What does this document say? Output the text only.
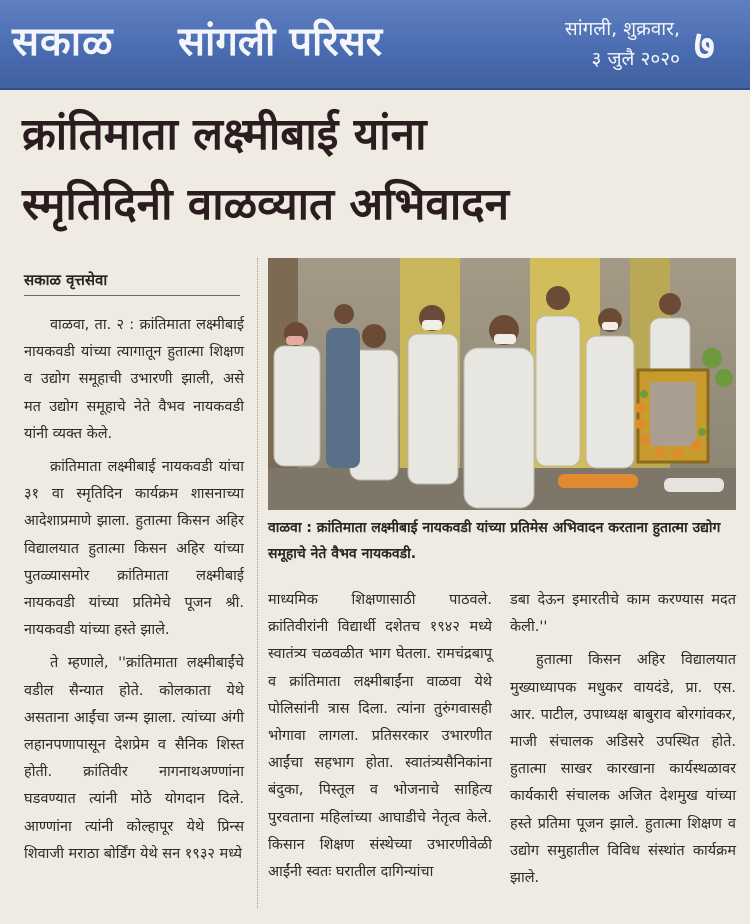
सकाळ सांगली परिसर	सांगली, शुक्रवार,
३ जुलै २०२० ७
क्रांतिमाता लक्ष्मीबाई यांना
स्मृतिदिनी वाळव्यात अभिवादन
सकाळ वृत्तसेवा

वाळवा, ता. २ : क्रांतिमाता लक्ष्मीबाई नायकवडी यांच्या त्यागातून हुतात्मा शिक्षण व उद्योग समूहाची उभारणी झाली, असे मत उद्योग समूहाचे नेते वैभव नायकवडी यांनी व्यक्त केले.

क्रांतिमाता लक्ष्मीबाई नायकवडी यांचा ३१ वा स्मृतिदिन कार्यक्रम शासनाच्या आदेशाप्रमाणे झाला. हुतात्मा किसन अहिर विद्यालयात हुतात्मा किसन अहिर यांच्या पुतळ्यासमोर क्रांतिमाता लक्ष्मीबाई नायकवडी यांच्या प्रतिमेचे पूजन श्री. नायकवडी यांच्या हस्ते झाले.

ते म्हणाले, ''क्रांतिमाता लक्ष्मीबाईंचे वडील सैन्यात होते. कोलकाता येथे असताना आईंचा जन्म झाला. त्यांच्या अंगी लहानपणापासून देशप्रेम व सैनिक शिस्त होती. क्रांतिवीर नागनाथअण्णांना घडवण्यात त्यांनी मोठे योगदान दिले. आण्णांना त्यांनी कोल्हापूर येथे प्रिन्स शिवाजी मराठा बोर्डिंग येथे सन १९३२ मध्ये

वाळवा : क्रांतिमाता लक्ष्मीबाई नायकवडी यांच्या प्रतिमेस अभिवादन करताना हुतात्मा उद्योग समूहाचे नेते वैभव नायकवडी.

माध्यमिक शिक्षणासाठी पाठवले. क्रांतिवीरांनी विद्यार्थी दशेतच १९४२ मध्ये स्वातंत्र्य चळवळीत भाग घेतला. रामचंद्रबापू व क्रांतिमाता लक्ष्मीबाईंना वाळवा येथे पोलिसांनी त्रास दिला. त्यांना तुरुंगवासही भोगावा लागला. प्रतिसरकार उभारणीत आईंचा सहभाग होता. स्वातंत्र्यसैनिकांना बंदुका, पिस्तूल व भोजनाचे साहित्य पुरवताना महिलांच्या आघाडीचे नेतृत्व केले. किसान शिक्षण संस्थेच्या उभारणीवेळी आईंनी स्वतः घरातील दागिन्यांचा

डबा देऊन इमारतीचे काम करण्यास मदत केली.''

हुतात्मा किसन अहिर विद्यालयात मुख्याध्यापक मधुकर वायदंडे, प्रा. एस. आर. पाटील, उपाध्यक्ष बाबुराव बोरगांवकर, माजी संचालक अडिसरे उपस्थित होते. हुतात्मा साखर कारखाना कार्यस्थळावर कार्यकारी संचालक अजित देशमुख यांच्या हस्ते प्रतिमा पूजन झाले. हुतात्मा शिक्षण व उद्योग समुहातील विविध संस्थांत कार्यक्रम झाले.
